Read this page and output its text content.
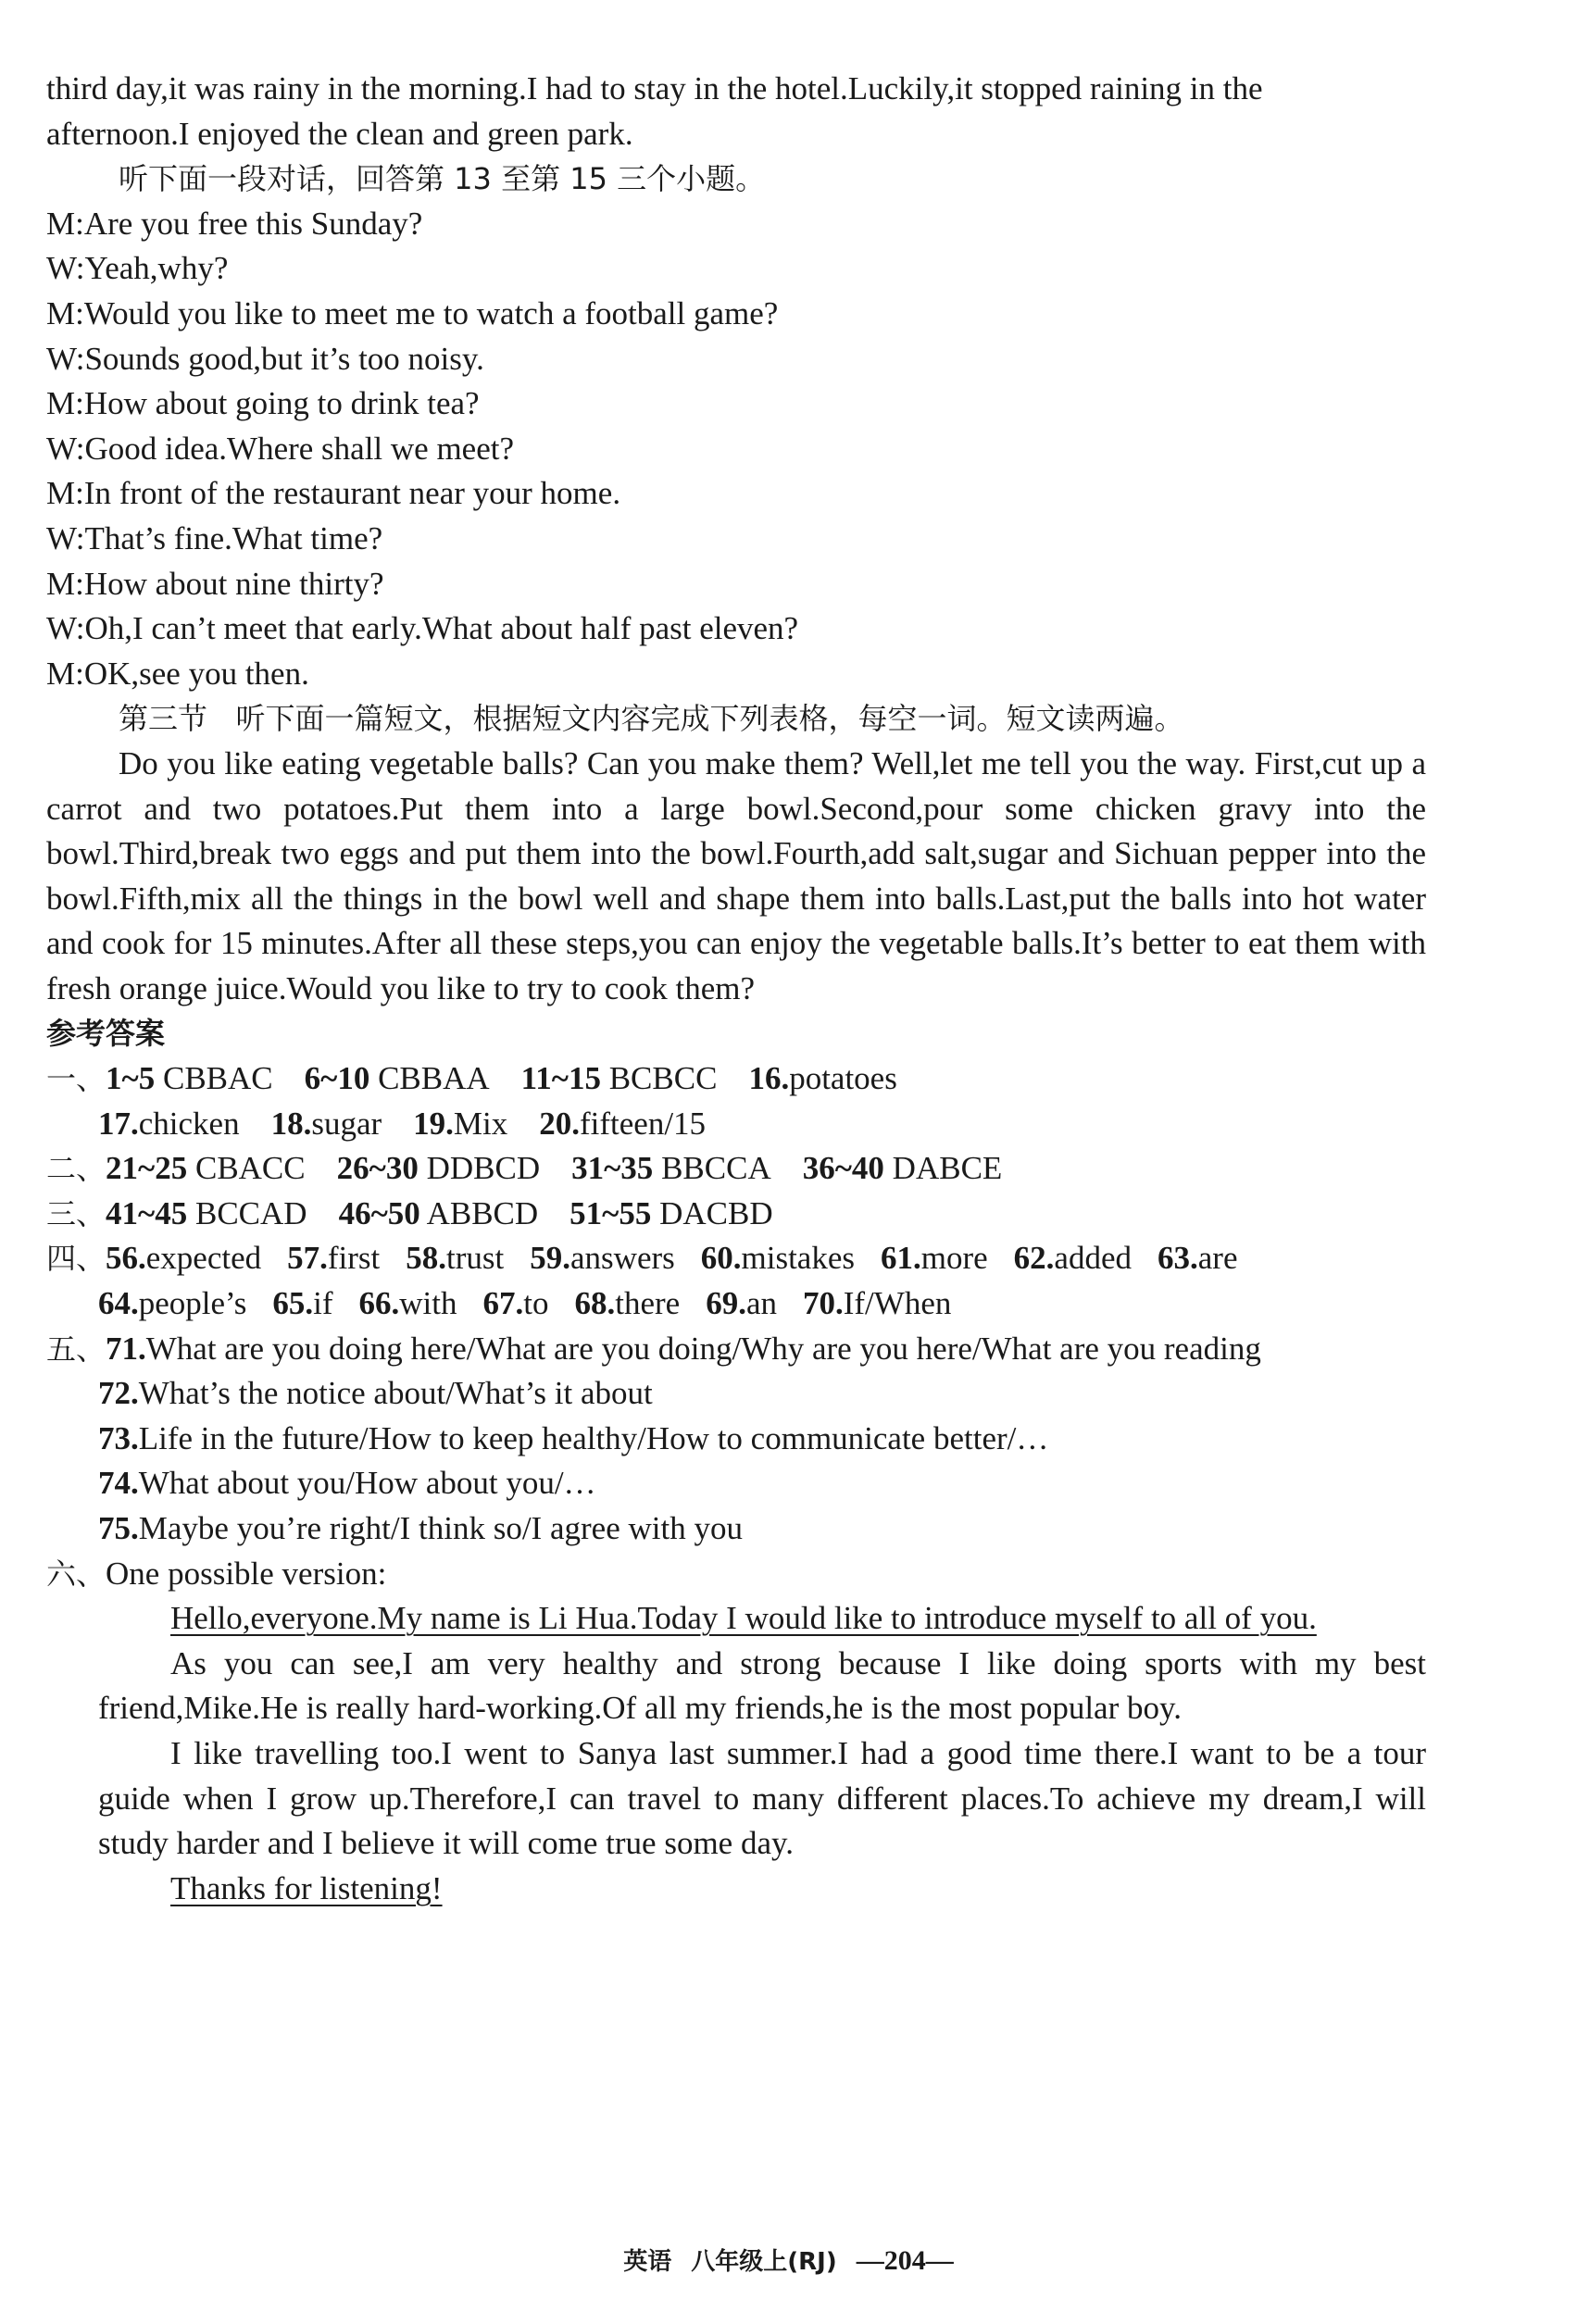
third day,it was rainy in the morning.I had to stay in the hotel.Luckily,it stopped raining in the
afternoon.I enjoyed the clean and green park.
听下面一段对话，回答第 13 至第 15 三个小题。
M:Are you free this Sunday?
W:Yeah,why?
M:Would you like to meet me to watch a football game?
W:Sounds good,but it’s too noisy.
M:How about going to drink tea?
W:Good idea.Where shall we meet?
M:In front of the restaurant near your home.
W:That’s fine.What time?
M:How about nine thirty?
W:Oh,I can’t meet that early.What about half past eleven?
M:OK,see you then.
第三节 听下面一篇短文，根据短文内容完成下列表格，每空一词。短文读两遍。
Do you like eating vegetable balls? Can you make them? Well,let me tell you the way. First,cut up a carrot and two potatoes.Put them into a large bowl.Second,pour some chicken gravy into the bowl.Third,break two eggs and put them into the bowl.Fourth,add salt,sugar and Sichuan pepper into the bowl.Fifth,mix all the things in the bowl well and shape them into balls.Last,put the balls into hot water and cook for 15 minutes.After all these steps,you can enjoy the vegetable balls.It’s better to eat them with fresh orange juice.Would you like to try to cook them?
参考答案
一、1~5 CBBAC 6~10 CBBAA 11~15 BCBCC 16.potatoes
17.chicken 18.sugar 19.Mix 20.fifteen/15
二、21~25 CBACC 26~30 DDBCD 31~35 BBCCA 36~40 DABCE
三、41~45 BCCAD 46~50 ABBCD 51~55 DACBD
四、56.expected 57.first 58.trust 59.answers 60.mistakes 61.more 62.added 63.are
64.people’s 65.if 66.with 67.to 68.there 69.an 70.If/When
五、71.What are you doing here/What are you doing/Why are you here/What are you reading
72.What’s the notice about/What’s it about
73.Life in the future/How to keep healthy/How to communicate better/…
74.What about you/How about you/…
75.Maybe you’re right/I think so/I agree with you
六、One possible version:

Hello,everyone.My name is Li Hua.Today I would like to introduce myself to all of you.

As you can see,I am very healthy and strong because I like doing sports with my best friend,Mike.He is really hard-working.Of all my friends,he is the most popular boy.

I like travelling too.I went to Sanya last summer.I had a good time there.I want to be a tour guide when I grow up.Therefore,I can travel to many different places.To achieve my dream,I will study harder and I believe it will come true some day.

Thanks for listening!

英语 八年级上(RJ) —204—
